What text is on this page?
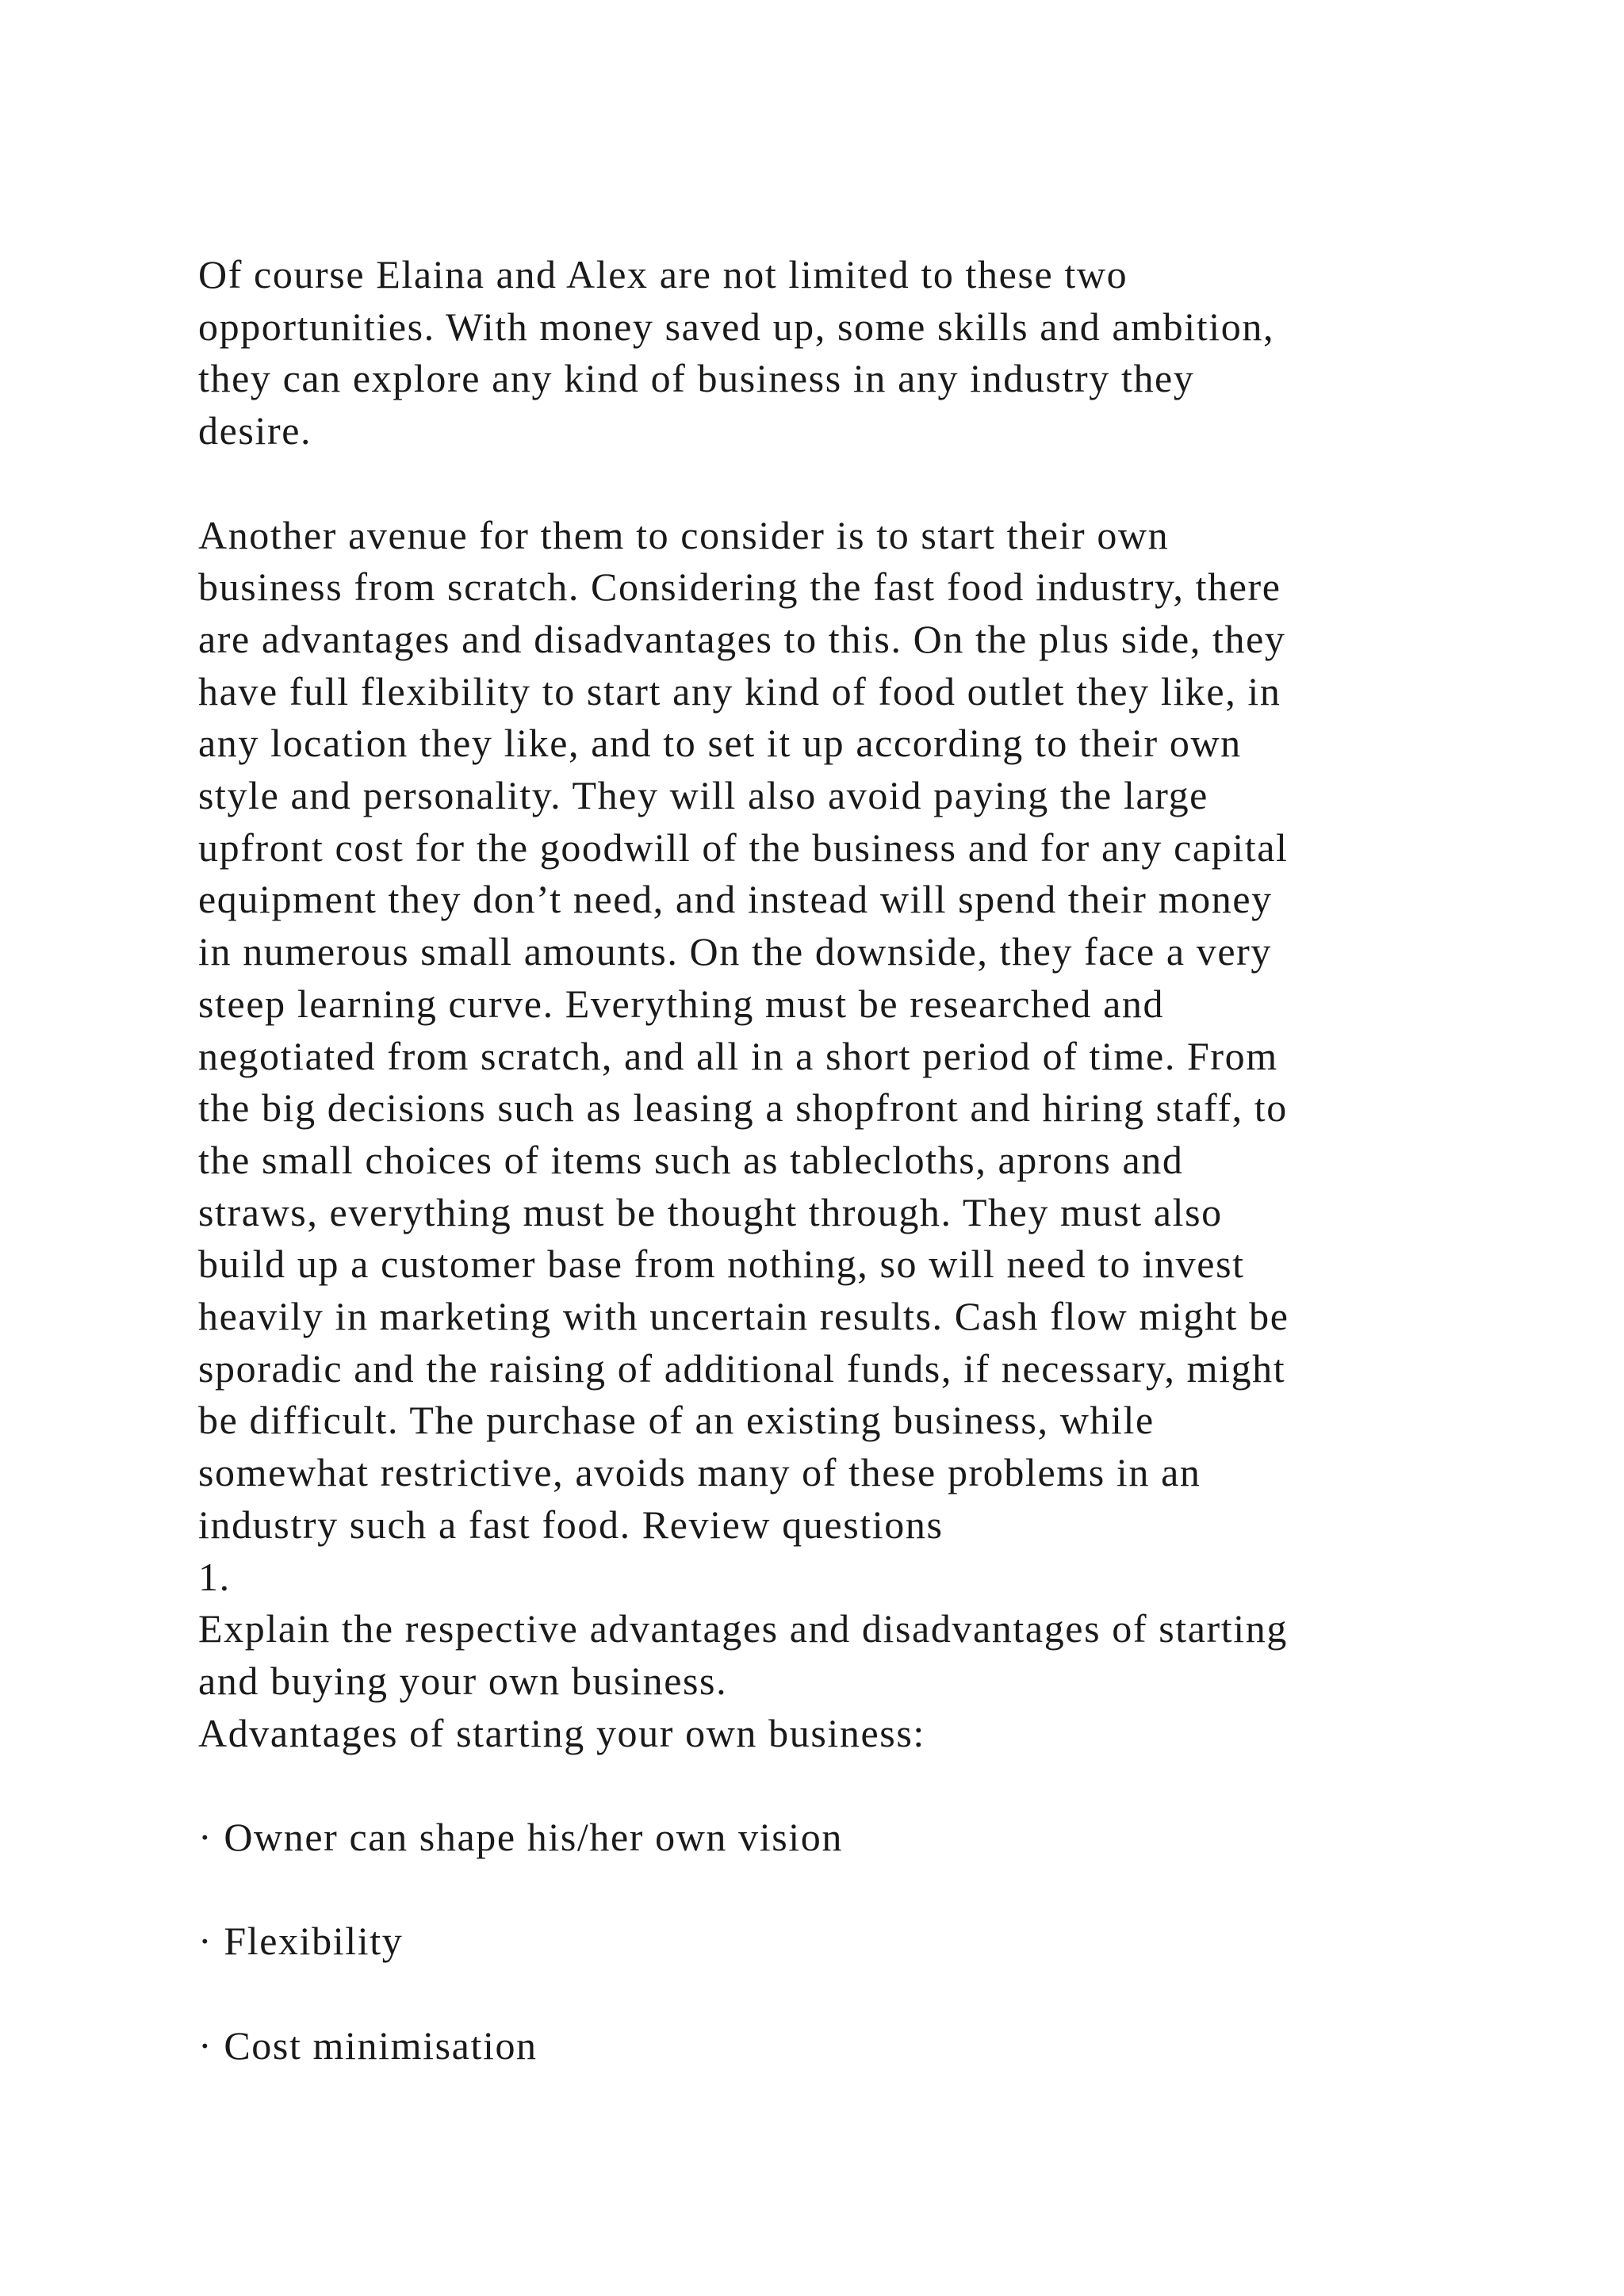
Of course Elaina and Alex are not limited to these two
opportunities. With money saved up, some skills and ambition,
they can explore any kind of business in any industry they
desire.
Another avenue for them to consider is to start their own
business from scratch. Considering the fast food industry, there
are advantages and disadvantages to this. On the plus side, they
have full flexibility to start any kind of food outlet they like, in
any location they like, and to set it up according to their own
style and personality. They will also avoid paying the large
upfront cost for the goodwill of the business and for any capital
equipment they don’t need, and instead will spend their money
in numerous small amounts. On the downside, they face a very
steep learning curve. Everything must be researched and
negotiated from scratch, and all in a short period of time. From
the big decisions such as leasing a shopfront and hiring staff, to
the small choices of items such as tablecloths, aprons and
straws, everything must be thought through. They must also
build up a customer base from nothing, so will need to invest
heavily in marketing with uncertain results. Cash flow might be
sporadic and the raising of additional funds, if necessary, might
be difficult. The purchase of an existing business, while
somewhat restrictive, avoids many of these problems in an
industry such a fast food. Review questions
1.
Explain the respective advantages and disadvantages of starting
and buying your own business.
Advantages of starting your own business:
· Owner can shape his/her own vision
· Flexibility
· Cost minimisation
